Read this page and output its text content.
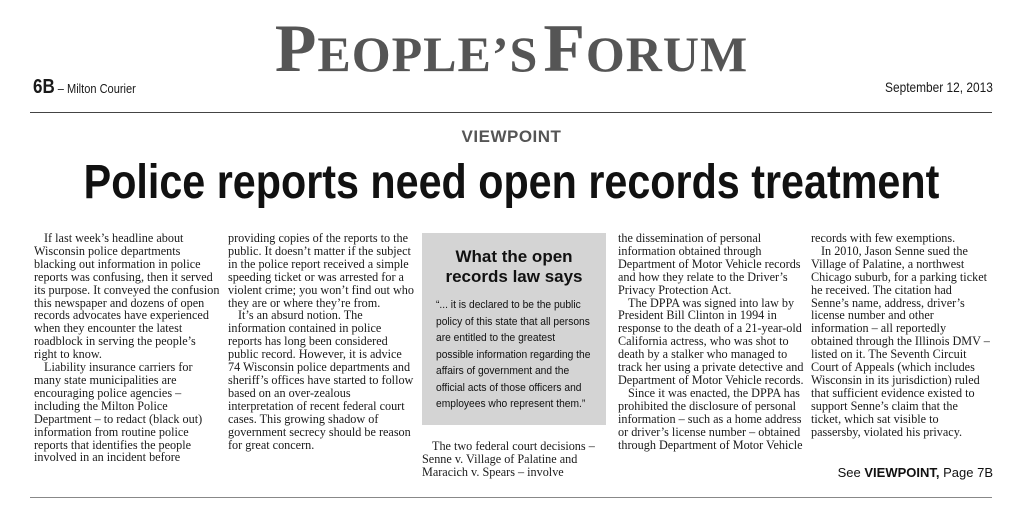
PEOPLE’S FORUM
6B – Milton Courier	September 12, 2013
VIEWPOINT
Police reports need open records treatment

If last week’s headline about Wisconsin police departments blacking out information in police reports was confusing, then it served its purpose. It conveyed the confusion this newspaper and dozens of open records advocates have experienced when they encounter the latest roadblock in serving the people’s right to know.

Liability insurance carriers for many state municipalities are encouraging police agencies – including the Milton Police Department – to redact (black out) information from routine police reports that identifies the people involved in an incident before

providing copies of the reports to the public. It doesn’t matter if the subject in the police report received a simple speeding ticket or was arrested for a violent crime; you won’t find out who they are or where they’re from.

It’s an absurd notion. The information contained in police reports has long been considered public record. However, it is advice 74 Wisconsin police departments and sheriff’s offices have started to follow based on an over-zealous interpretation of recent federal court cases. This growing shadow of government secrecy should be reason for great concern.

What the open
records law says
“... it is declared to be the public policy of this state that all persons are entitled to the greatest possible information regarding the affairs of government and the official acts of those officers and employees who represent them.”

The two federal court decisions – Senne v. Village of Palatine and Maracich v. Spears – involve

the dissemination of personal information obtained through Department of Motor Vehicle records and how they relate to the Driver’s Privacy Protection Act.

The DPPA was signed into law by President Bill Clinton in 1994 in response to the death of a 21-year-old California actress, who was shot to death by a stalker who managed to track her using a private detective and Department of Motor Vehicle records.

Since it was enacted, the DPPA has prohibited the disclosure of personal information – such as a home address or driver’s license number – obtained through Department of Motor Vehicle

records with few exemptions.

In 2010, Jason Senne sued the Village of Palatine, a northwest Chicago suburb, for a parking ticket he received. The citation had Senne’s name, address, driver’s license number and other information – all reportedly obtained through the Illinois DMV – listed on it. The Seventh Circuit Court of Appeals (which includes Wisconsin in its jurisdiction) ruled that sufficient evidence existed to support Senne’s claim that the ticket, which sat visible to passersby, violated his privacy.

See VIEWPOINT, Page 7B
